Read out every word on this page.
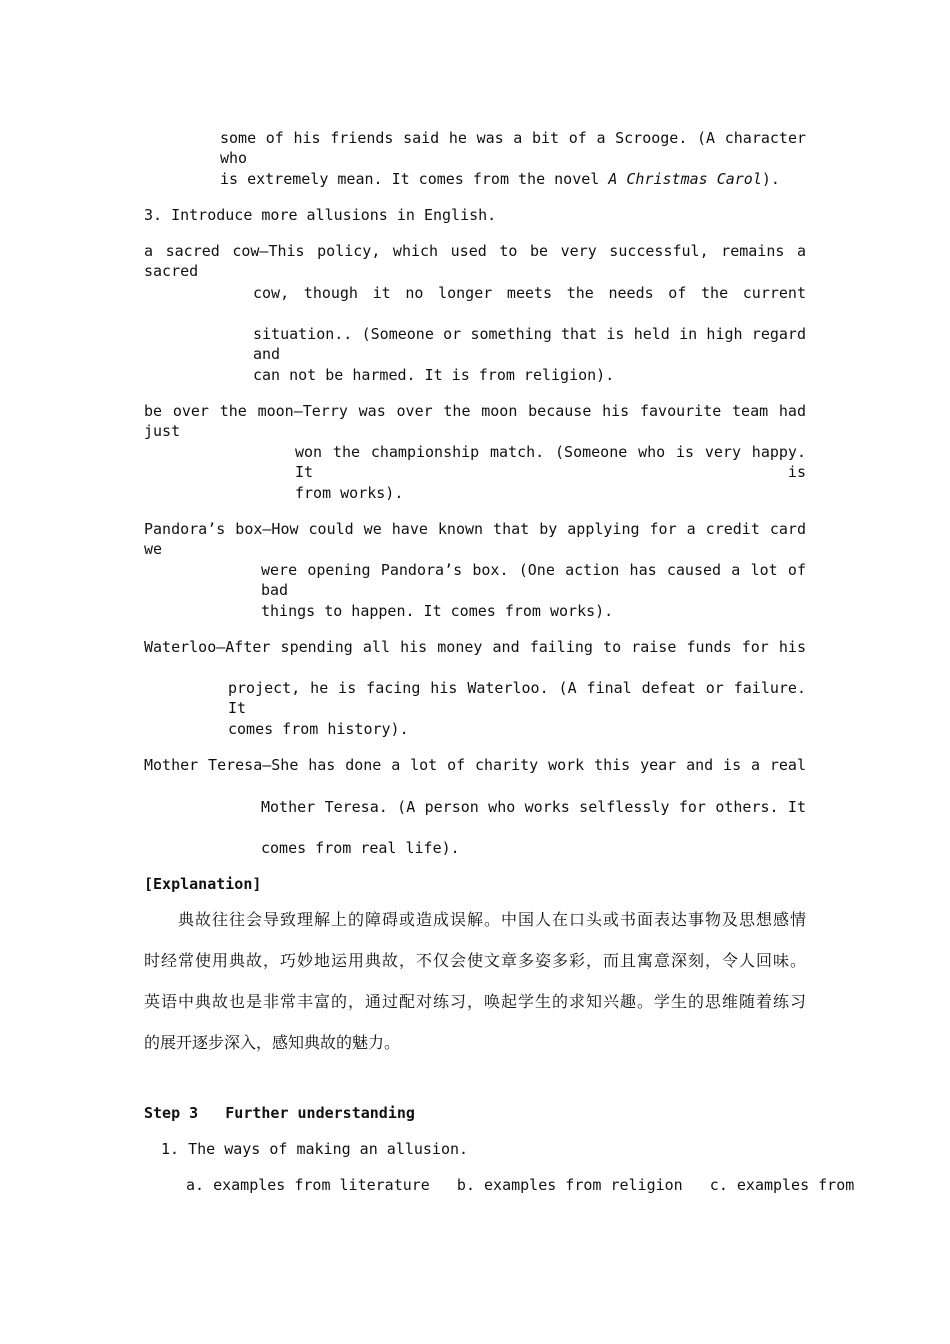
some of his friends said he was a bit of a Scrooge. (A character who
is extremely mean. It comes from the novel A Christmas Carol).
3. Introduce more allusions in English.
a sacred cow—This policy, which used to be very successful, remains a sacred
cow, though it no longer meets the needs of the current
situation.. (Someone or something that is held in high regard and
can not be harmed. It is from religion).
be over the moon—Terry was over the moon because his favourite team had just
won the championship match. (Someone who is very happy. It is
from works).
Pandora’s box—How could we have known that by applying for a credit card we
were opening Pandora’s box. (One action has caused a lot of bad
things to happen. It comes from works).
Waterloo—After spending all his money and failing to raise funds for his
project, he is facing his Waterloo. (A final defeat or failure. It
comes from history).
Mother Teresa—She has done a lot of charity work this year and is a real
Mother Teresa. (A person who works selflessly for others. It
comes from real life).
[Explanation]
典故往往会导致理解上的障碍或造成误解。中国人在口头或书面表达事物及思想感情
时经常使用典故，巧妙地运用典故，不仅会使文章多姿多彩，而且寓意深刻，令人回味。
英语中典故也是非常丰富的，通过配对练习，唤起学生的求知兴趣。学生的思维随着练习
的展开逐步深入，感知典故的魅力。
Step 3   Further understanding
1. The ways of making an allusion.
a. examples from literature   b. examples from religion   c. examples from
